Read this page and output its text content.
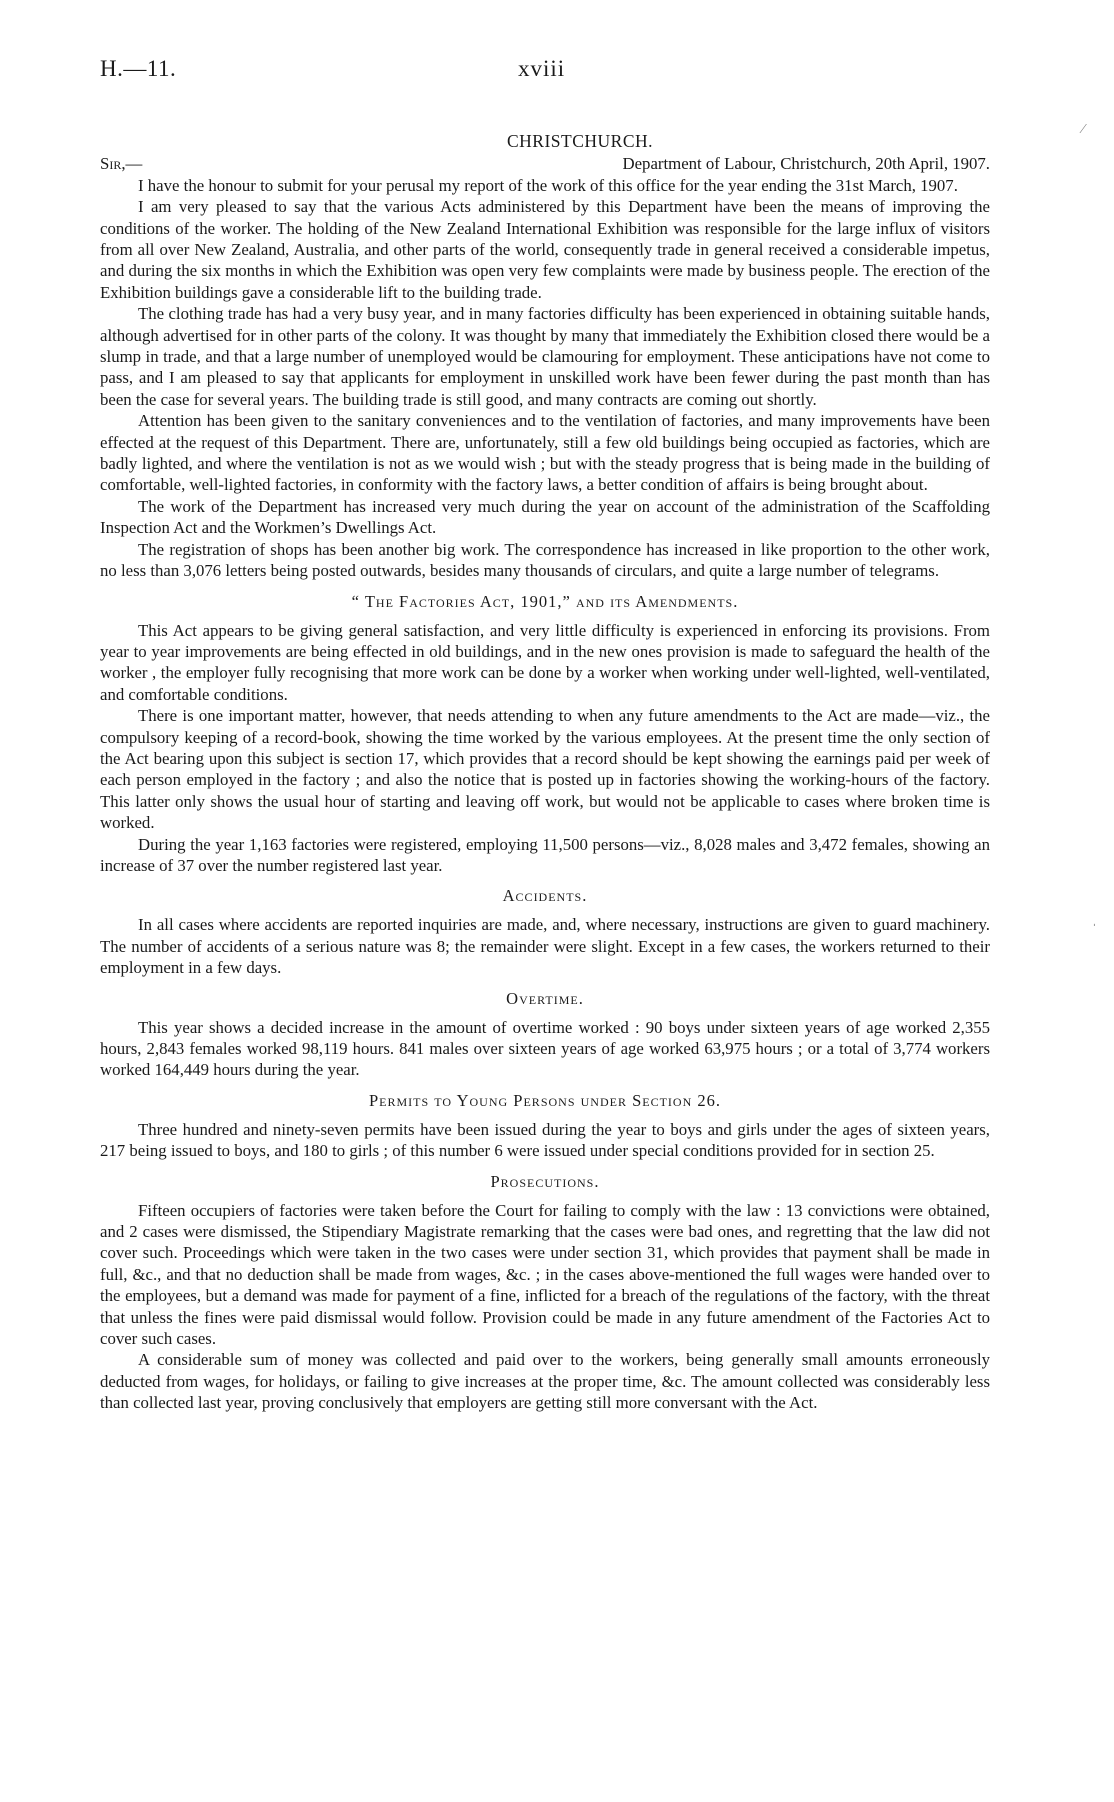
H.—11.	xviii
⁄
ˌ
CHRISTCHURCH.
Sir,—	Department of Labour, Christchurch, 20th April, 1907.

I have the honour to submit for your perusal my report of the work of this office for the year ending the 31st March, 1907.

I am very pleased to say that the various Acts administered by this Department have been the means of improving the conditions of the worker. The holding of the New Zealand International Exhibition was responsible for the large influx of visitors from all over New Zealand, Australia, and other parts of the world, consequently trade in general received a considerable impetus, and during the six months in which the Exhibition was open very few complaints were made by business people. The erection of the Exhibition buildings gave a considerable lift to the building trade.

The clothing trade has had a very busy year, and in many factories difficulty has been experienced in obtaining suitable hands, although advertised for in other parts of the colony. It was thought by many that immediately the Exhibition closed there would be a slump in trade, and that a large number of unemployed would be clamouring for employment. These anticipations have not come to pass, and I am pleased to say that applicants for employment in unskilled work have been fewer during the past month than has been the case for several years. The building trade is still good, and many contracts are coming out shortly.

Attention has been given to the sanitary conveniences and to the ventilation of factories, and many improvements have been effected at the request of this Department. There are, unfortunately, still a few old buildings being occupied as factories, which are badly lighted, and where the ventilation is not as we would wish ; but with the steady progress that is being made in the building of comfortable, well-lighted factories, in conformity with the factory laws, a better condition of affairs is being brought about.

The work of the Department has increased very much during the year on account of the administration of the Scaffolding Inspection Act and the Workmen’s Dwellings Act.

The registration of shops has been another big work. The correspondence has increased in like proportion to the other work, no less than 3,076 letters being posted outwards, besides many thousands of circulars, and quite a large number of telegrams.

“ The Factories Act, 1901,” and its Amendments.

This Act appears to be giving general satisfaction, and very little difficulty is experienced in enforcing its provisions. From year to year improvements are being effected in old buildings, and in the new ones provision is made to safeguard the health of the worker , the employer fully recognising that more work can be done by a worker when working under well-lighted, well-ventilated, and comfortable conditions.

There is one important matter, however, that needs attending to when any future amendments to the Act are made—viz., the compulsory keeping of a record-book, showing the time worked by the various employees. At the present time the only section of the Act bearing upon this subject is section 17, which provides that a record should be kept showing the earnings paid per week of each person employed in the factory ; and also the notice that is posted up in factories showing the working-hours of the factory. This latter only shows the usual hour of starting and leaving off work, but would not be applicable to cases where broken time is worked.

During the year 1,163 factories were registered, employing 11,500 persons—viz., 8,028 males and 3,472 females, showing an increase of 37 over the number registered last year.

Accidents.

In all cases where accidents are reported inquiries are made, and, where necessary, instructions are given to guard machinery. The number of accidents of a serious nature was 8; the remainder were slight. Except in a few cases, the workers returned to their employment in a few days.

Overtime.

This year shows a decided increase in the amount of overtime worked : 90 boys under sixteen years of age worked 2,355 hours, 2,843 females worked 98,119 hours. 841 males over sixteen years of age worked 63,975 hours ; or a total of 3,774 workers worked 164,449 hours during the year.

Permits to Young Persons under Section 26.

Three hundred and ninety-seven permits have been issued during the year to boys and girls under the ages of sixteen years, 217 being issued to boys, and 180 to girls ; of this number 6 were issued under special conditions provided for in section 25.

Prosecutions.

Fifteen occupiers of factories were taken before the Court for failing to comply with the law : 13 convictions were obtained, and 2 cases were dismissed, the Stipendiary Magistrate remarking that the cases were bad ones, and regretting that the law did not cover such. Proceedings which were taken in the two cases were under section 31, which provides that payment shall be made in full, &c., and that no deduction shall be made from wages, &c. ; in the cases above-mentioned the full wages were handed over to the employees, but a demand was made for payment of a fine, inflicted for a breach of the regulations of the factory, with the threat that unless the fines were paid dismissal would follow. Provision could be made in any future amendment of the Factories Act to cover such cases.

A considerable sum of money was collected and paid over to the workers, being generally small amounts erroneously deducted from wages, for holidays, or failing to give increases at the proper time, &c. The amount collected was considerably less than collected last year, proving conclusively that employers are getting still more conversant with the Act.
